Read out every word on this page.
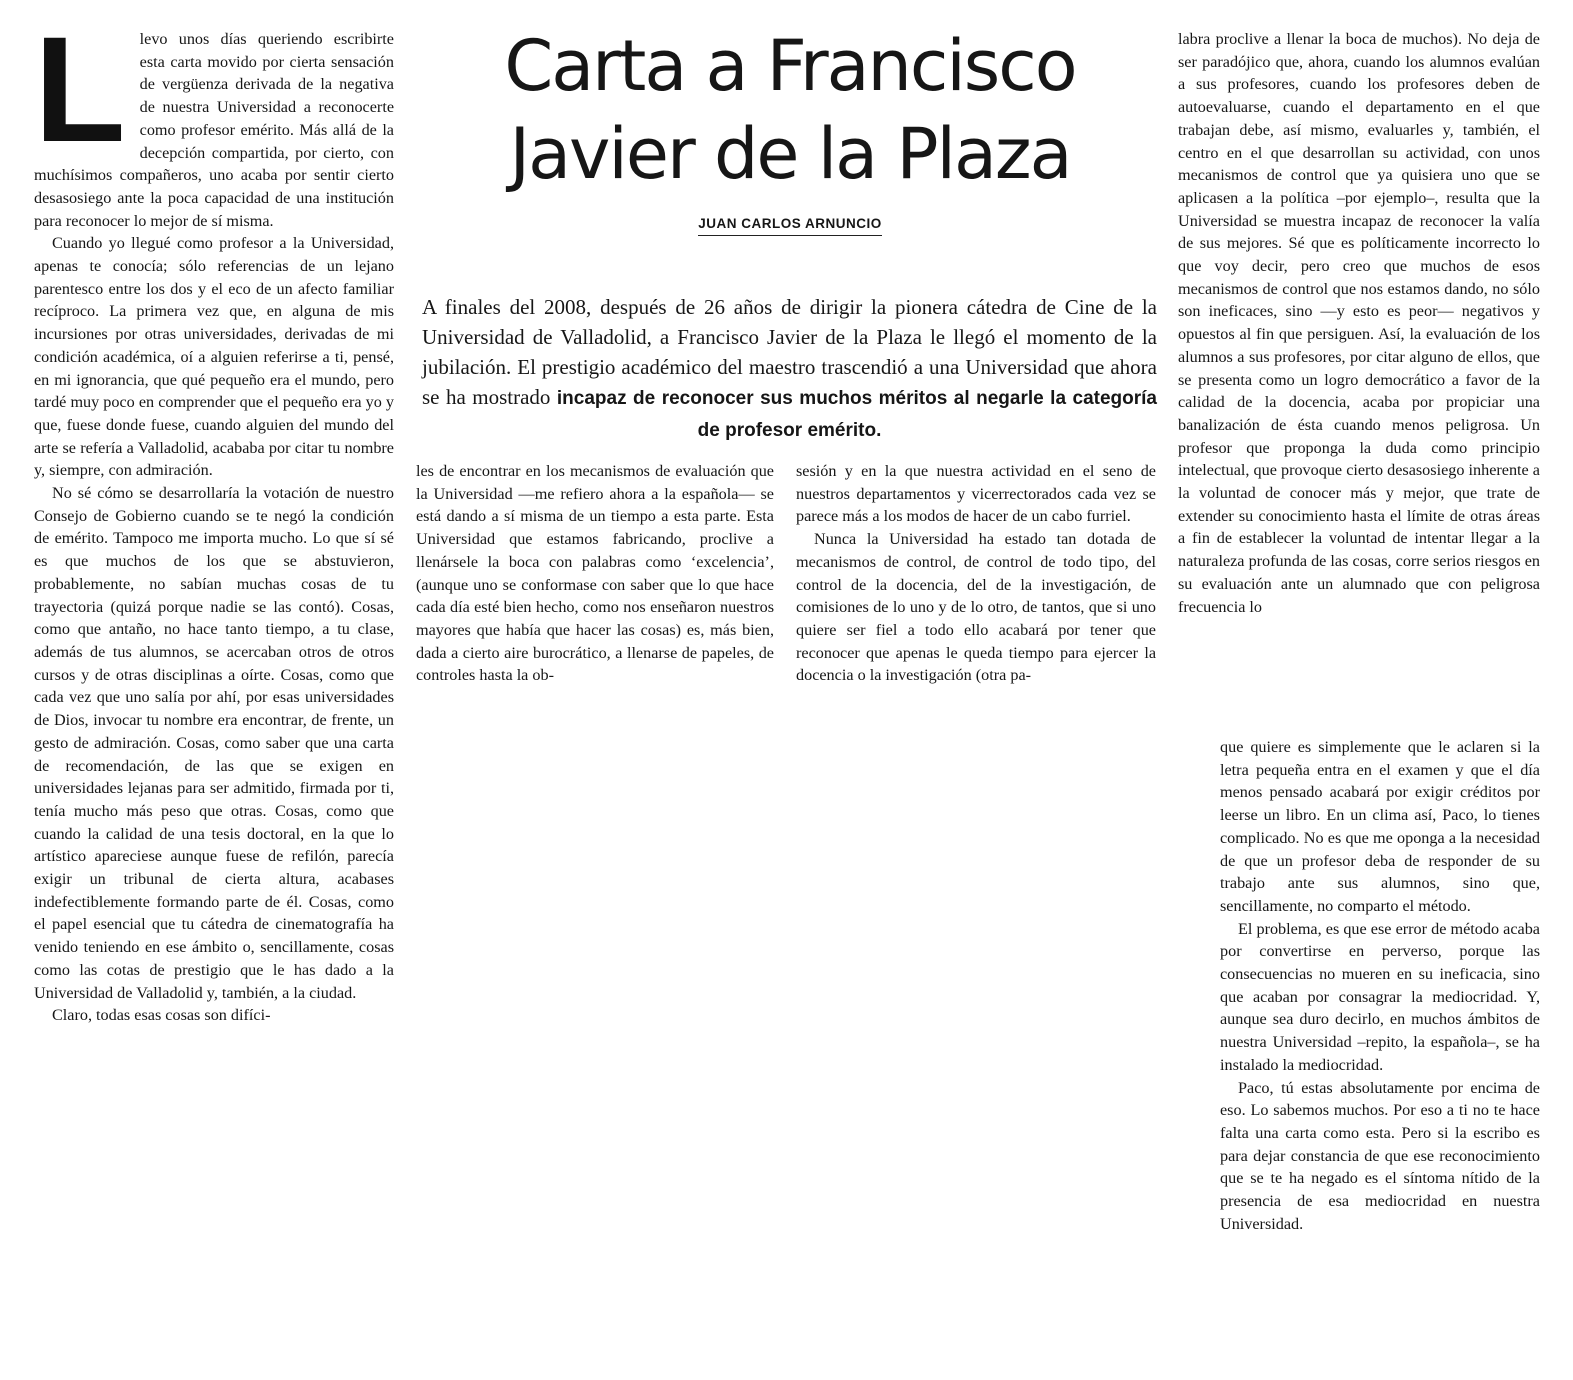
Carta a Francisco Javier de la Plaza
JUAN CARLOS ARNUNCIO

A finales del 2008, después de 26 años de dirigir la pionera cátedra de Cine de la Universidad de Valladolid, a Francisco Javier de la Plaza le llegó el momento de la jubilación. El prestigio académico del maestro trascendió a una Universidad que ahora se ha mostrado incapaz de reconocer sus muchos méritos al negarle la categoría de profesor emérito.

L levo unos días queriendo escribirte esta carta movido por cierta sensación de vergüenza derivada de la negativa de nuestra Universidad a reconocerte como profesor emérito. Más allá de la decepción compartida, por cierto, con muchísimos compañeros, uno acaba por sentir cierto desasosiego ante la poca capacidad de una institución para reconocer lo mejor de sí misma.

Cuando yo llegué como profesor a la Universidad, apenas te conocía; sólo referencias de un lejano parentesco entre los dos y el eco de un afecto familiar recíproco. La primera vez que, en alguna de mis incursiones por otras universidades, derivadas de mi condición académica, oí a alguien referirse a ti, pensé, en mi ignorancia, que qué pequeño era el mundo, pero tardé muy poco en comprender que el pequeño era yo y que, fuese donde fuese, cuando alguien del mundo del arte se refería a Valladolid, acababa por citar tu nombre y, siempre, con admiración.

No sé cómo se desarrollaría la votación de nuestro Consejo de Gobierno cuando se te negó la condición de emérito. Tampoco me importa mucho. Lo que sí sé es que muchos de los que se abstuvieron, probablemente, no sabían muchas cosas de tu trayectoria (quizá porque nadie se las contó). Cosas, como que antaño, no hace tanto tiempo, a tu clase, además de tus alumnos, se acercaban otros de otros cursos y de otras disciplinas a oírte. Cosas, como que cada vez que uno salía por ahí, por esas universidades de Dios, invocar tu nombre era encontrar, de frente, un gesto de admiración. Cosas, como saber que una carta de recomendación, de las que se exigen en universidades lejanas para ser admitido, firmada por ti, tenía mucho más peso que otras. Cosas, como que cuando la calidad de una tesis doctoral, en la que lo artístico apareciese aunque fuese de refilón, parecía exigir un tribunal de cierta altura, acabases indefectiblemente formando parte de él. Cosas, como el papel esencial que tu cátedra de cinematografía ha venido teniendo en ese ámbito o, sencillamente, cosas como las cotas de prestigio que le has dado a la Universidad de Valladolid y, también, a la ciudad.

Claro, todas esas cosas son difíci-

les de encontrar en los mecanismos de evaluación que la Universidad —me refiero ahora a la española— se está dando a sí misma de un tiempo a esta parte. Esta Universidad que estamos fabricando, proclive a llenársele la boca con palabras como ‘excelencia’, (aunque uno se conformase con saber que lo que hace cada día esté bien hecho, como nos enseñaron nuestros mayores que había que hacer las cosas) es, más bien, dada a cierto aire burocrático, a llenarse de papeles, de controles hasta la ob-

sesión y en la que nuestra actividad en el seno de nuestros departamentos y vicerrectorados cada vez se parece más a los modos de hacer de un cabo furriel.

Nunca la Universidad ha estado tan dotada de mecanismos de control, de control de todo tipo, del control de la docencia, del de la investigación, de comisiones de lo uno y de lo otro, de tantos, que si uno quiere ser fiel a todo ello acabará por tener que reconocer que apenas le queda tiempo para ejercer la docencia o la investigación (otra pa-

labra proclive a llenar la boca de muchos). No deja de ser paradójico que, ahora, cuando los alumnos evalúan a sus profesores, cuando los profesores deben de autoevaluarse, cuando el departamento en el que trabajan debe, así mismo, evaluarles y, también, el centro en el que desarrollan su actividad, con unos mecanismos de control que ya quisiera uno que se aplicasen a la política –por ejemplo–, resulta que la Universidad se muestra incapaz de reconocer la valía de sus mejores. Sé que es políticamente incorrecto lo que voy decir, pero creo que muchos de esos mecanismos de control que nos estamos dando, no sólo son ineficaces, sino —y esto es peor— negativos y opuestos al fin que persiguen. Así, la evaluación de los alumnos a sus profesores, por citar alguno de ellos, que se presenta como un logro democrático a favor de la calidad de la docencia, acaba por propiciar una banalización de ésta cuando menos peligrosa. Un profesor que proponga la duda como principio intelectual, que provoque cierto desasosiego inherente a la voluntad de conocer más y mejor, que trate de extender su conocimiento hasta el límite de otras áreas a fin de establecer la voluntad de intentar llegar a la naturaleza profunda de las cosas, corre serios riesgos en su evaluación ante un alumnado que con peligrosa frecuencia lo

que quiere es simplemente que le aclaren si la letra pequeña entra en el examen y que el día menos pensado acabará por exigir créditos por leerse un libro. En un clima así, Paco, lo tienes complicado. No es que me oponga a la necesidad de que un profesor deba de responder de su trabajo ante sus alumnos, sino que, sencillamente, no comparto el método.

El problema, es que ese error de método acaba por convertirse en perverso, porque las consecuencias no mueren en su ineficacia, sino que acaban por consagrar la mediocridad. Y, aunque sea duro decirlo, en muchos ámbitos de nuestra Universidad –repito, la española–, se ha instalado la mediocridad.

Paco, tú estas absolutamente por encima de eso. Lo sabemos muchos. Por eso a ti no te hace falta una carta como esta. Pero si la escribo es para dejar constancia de que ese reconocimiento que se te ha negado es el síntoma nítido de la presencia de esa mediocridad en nuestra Universidad.
